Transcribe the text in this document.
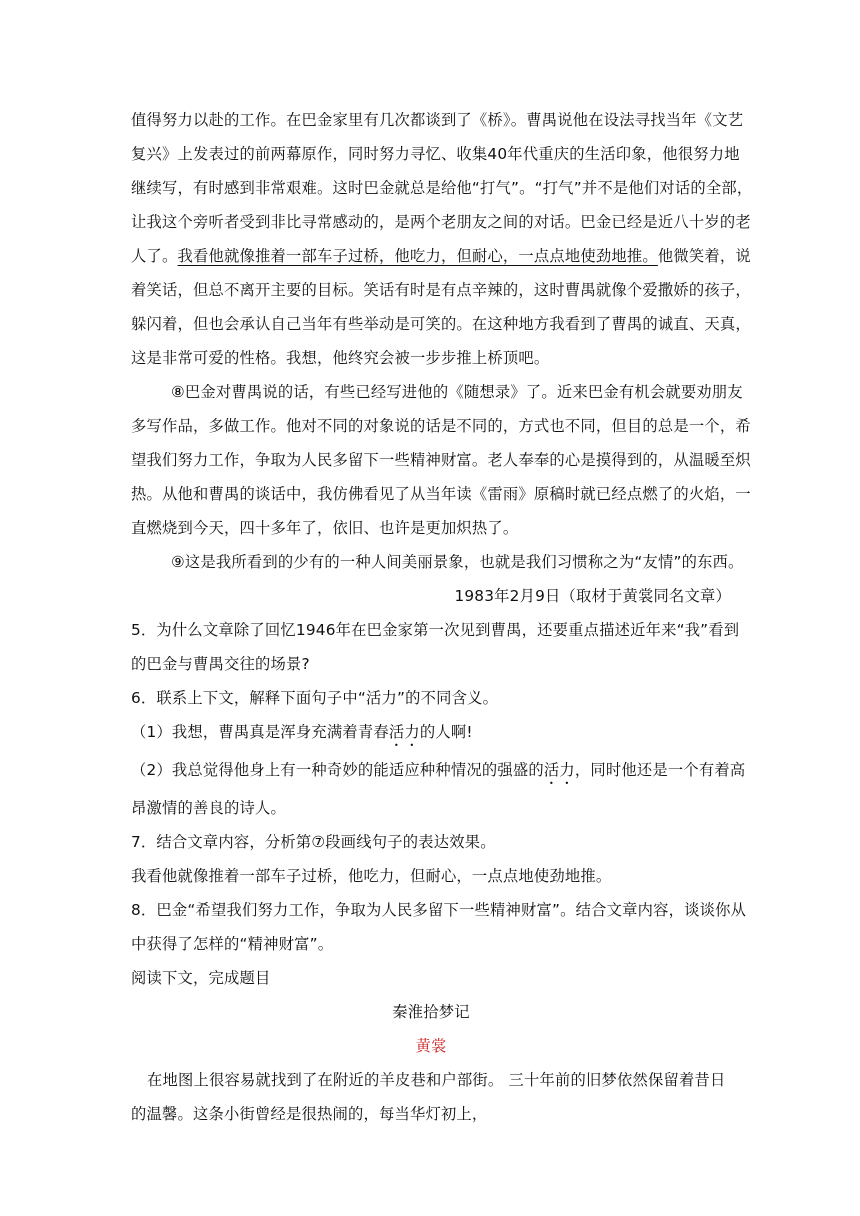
值得努力以赴的工作。在巴金家里有几次都谈到了《桥》。曹禺说他在设法寻找当年《文艺
复兴》上发表过的前两幕原作，同时努力寻忆、收集40年代重庆的生活印象，他很努力地
继续写，有时感到非常艰难。这时巴金就总是给他“打气”。“打气”并不是他们对话的全部，
让我这个旁听者受到非比寻常感动的，是两个老朋友之间的对话。巴金已经是近八十岁的老
人了。我看他就像推着一部车子过桥，他吃力，但耐心，一点点地使劲地推。他微笑着，说
着笑话，但总不离开主要的目标。笑话有时是有点辛辣的，这时曹禺就像个爱撒娇的孩子，
躲闪着，但也会承认自己当年有些举动是可笑的。在这种地方我看到了曹禺的诚直、天真，
这是非常可爱的性格。我想，他终究会被一步步推上桥顶吧。
⑧巴金对曹禺说的话，有些已经写进他的《随想录》了。近来巴金有机会就要劝朋友
多写作品，多做工作。他对不同的对象说的话是不同的，方式也不同，但目的总是一个，希
望我们努力工作，争取为人民多留下一些精神财富。老人奉奉的心是摸得到的，从温暖至炽
热。从他和曹禺的谈话中，我仿佛看见了从当年读《雷雨》原稿时就已经点燃了的火焰，一
直燃烧到今天，四十多年了，依旧、也许是更加炽热了。
⑨这是我所看到的少有的一种人间美丽景象，也就是我们习惯称之为“友情”的东西。
1983年2月9日（取材于黄裳同名文章）
5．为什么文章除了回忆1946年在巴金家第一次见到曹禺，还要重点描述近年来“我”看到
的巴金与曹禺交往的场景?
6．联系上下文，解释下面句子中“活力”的不同含义。
（1）我想，曹禺真是浑身充满着青春活力的人啊!
（2）我总觉得他身上有一种奇妙的能适应种种情况的强盛的活力，同时他还是一个有着高
昂激情的善良的诗人。
7．结合文章内容，分析第⑦段画线句子的表达效果。
我看他就像推着一部车子过桥，他吃力，但耐心，一点点地使劲地推。
8．巴金“希望我们努力工作，争取为人民多留下一些精神财富”。结合文章内容，谈谈你从
中获得了怎样的“精神财富”。
阅读下文，完成题目
秦淮拾梦记
黄裳
在地图上很容易就找到了在附近的羊皮巷和户部街。 三十年前的旧梦依然保留着昔日
的温馨。这条小街曾经是很热闹的，每当华灯初上，
